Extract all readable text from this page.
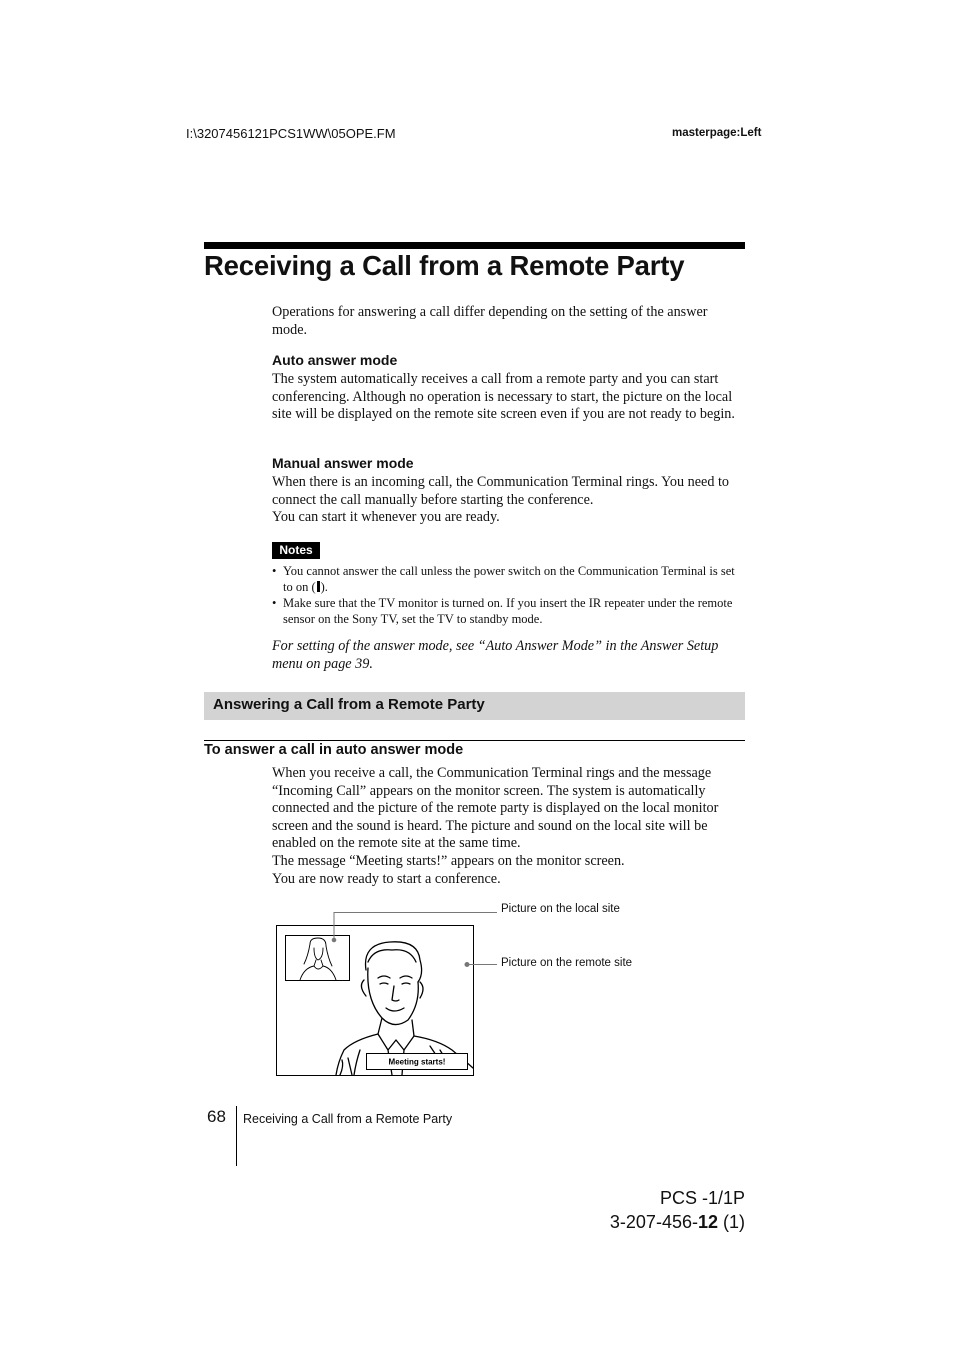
I:\3207456121PCS1WW\05OPE.FM	masterpage:Left
Receiving a Call from a Remote Party
Operations for answering a call differ depending on the setting of the answer mode.
Auto answer mode
The system automatically receives a call from a remote party and you can start conferencing. Although no operation is necessary to start, the picture on the local site will be displayed on the remote site screen even if you are not ready to begin.
Manual answer mode
When there is an incoming call, the Communication Terminal rings. You need to connect the call manually before starting the conference.
You can start it whenever you are ready.
Notes
• You cannot answer the call unless the power switch on the Communication Terminal is set to on ( ).
• Make sure that the TV monitor is turned on. If you insert the IR repeater under the remote sensor on the Sony TV, set the TV to standby mode.
For setting of the answer mode, see “Auto Answer Mode” in the Answer Setup menu on page 39.
Answering a Call from a Remote Party
To answer a call in auto answer mode
When you receive a call, the Communication Terminal rings and the message “Incoming Call” appears on the monitor screen. The system is automatically connected and the picture of the remote party is displayed on the local monitor screen and the sound is heard. The picture and sound on the local site will be enabled on the remote site at the same time.
The message “Meeting starts!” appears on the monitor screen.
You are now ready to start a conference.
Meeting starts!
Picture on the local site
Picture on the remote site
68 Receiving a Call from a Remote Party
PCS -1/1P
3-207-456-12 (1)
